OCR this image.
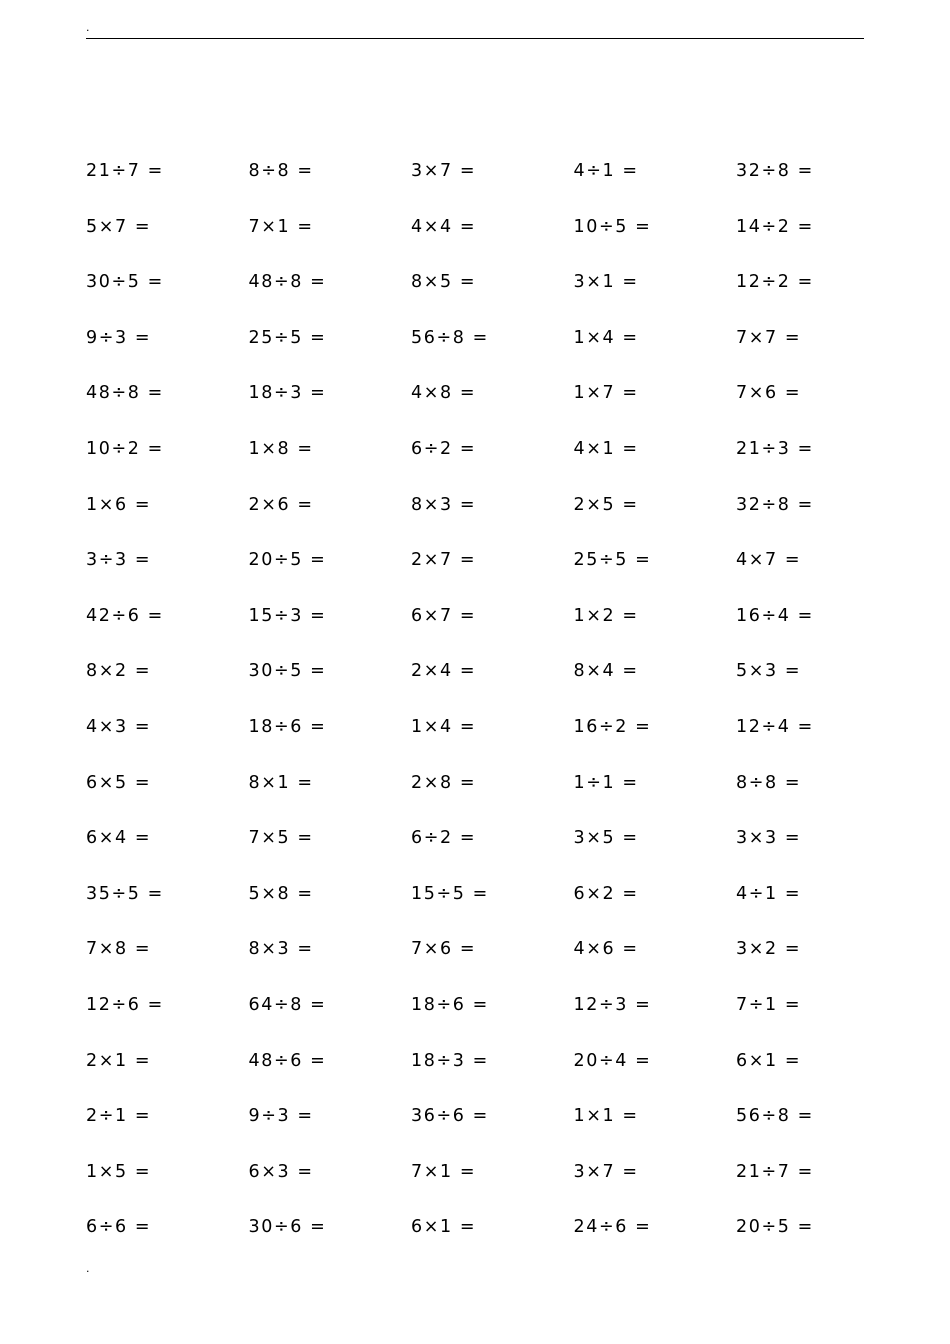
.
21÷7 =	8÷8 =	3×7 =	4÷1 =	32÷8 =
5×7 =	7×1 =	4×4 =	10÷5 =	14÷2 =
30÷5 =	48÷8 =	8×5 =	3×1 =	12÷2 =
9÷3 =	25÷5 =	56÷8 =	1×4 =	7×7 =
48÷8 =	18÷3 =	4×8 =	1×7 =	7×6 =
10÷2 =	1×8 =	6÷2 =	4×1 =	21÷3 =
1×6 =	2×6 =	8×3 =	2×5 =	32÷8 =
3÷3 =	20÷5 =	2×7 =	25÷5 =	4×7 =
42÷6 =	15÷3 =	6×7 =	1×2 =	16÷4 =
8×2 =	30÷5 =	2×4 =	8×4 =	5×3 =
4×3 =	18÷6 =	1×4 =	16÷2 =	12÷4 =
6×5 =	8×1 =	2×8 =	1÷1 =	8÷8 =
6×4 =	7×5 =	6÷2 =	3×5 =	3×3 =
35÷5 =	5×8 =	15÷5 =	6×2 =	4÷1 =
7×8 =	8×3 =	7×6 =	4×6 =	3×2 =
12÷6 =	64÷8 =	18÷6 =	12÷3 =	7÷1 =
2×1 =	48÷6 =	18÷3 =	20÷4 =	6×1 =
2÷1 =	9÷3 =	36÷6 =	1×1 =	56÷8 =
1×5 =	6×3 =	7×1 =	3×7 =	21÷7 =
6÷6 =	30÷6 =	6×1 =	24÷6 =	20÷5 =
.
